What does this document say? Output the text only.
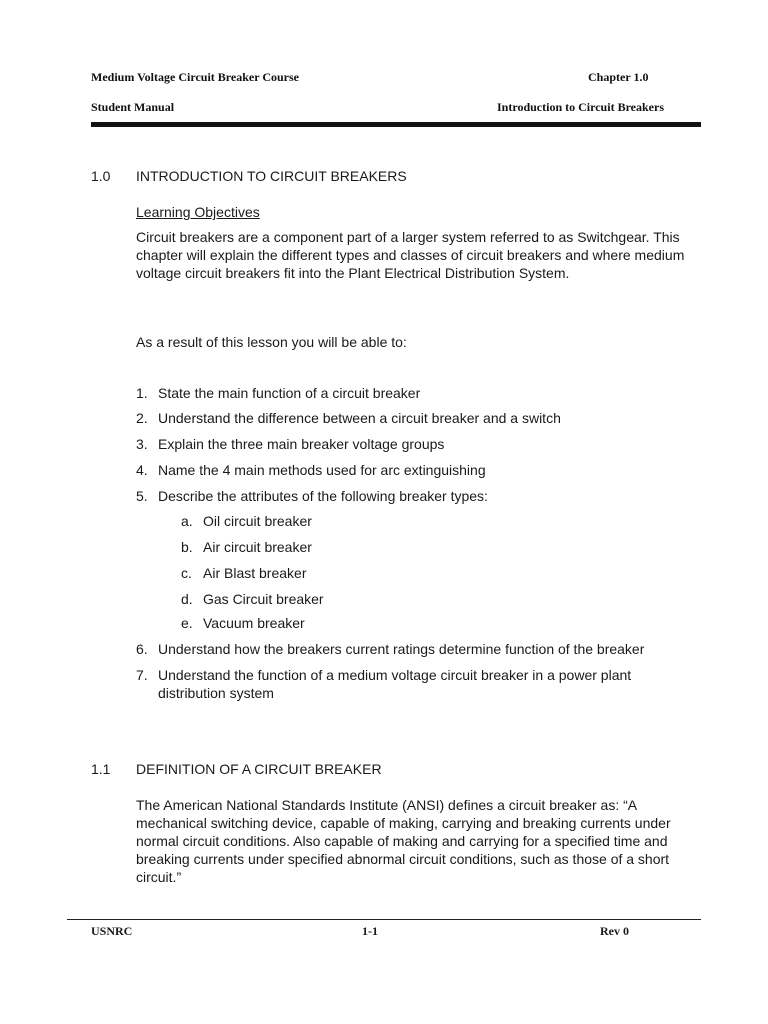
Medium Voltage Circuit Breaker Course	Chapter 1.0
Student Manual	Introduction to Circuit Breakers
1.0 INTRODUCTION TO CIRCUIT BREAKERS
Learning Objectives
Circuit breakers are a component part of a larger system referred to as Switchgear. This chapter will explain the different types and classes of circuit breakers and where medium voltage circuit breakers fit into the Plant Electrical Distribution System.
As a result of this lesson you will be able to:
1. State the main function of a circuit breaker
2. Understand the difference between a circuit breaker and a switch
3. Explain the three main breaker voltage groups
4. Name the 4 main methods used for arc extinguishing
5. Describe the attributes of the following breaker types:
a. Oil circuit breaker
b. Air circuit breaker
c. Air Blast breaker
d. Gas Circuit breaker
e. Vacuum breaker
6. Understand how the breakers current ratings determine function of the breaker
7. Understand the function of a medium voltage circuit breaker in a power plant distribution system
1.1 DEFINITION OF A CIRCUIT BREAKER
The American National Standards Institute (ANSI) defines a circuit breaker as: “A mechanical switching device, capable of making, carrying and breaking currents under normal circuit conditions. Also capable of making and carrying for a specified time and breaking currents under specified abnormal circuit conditions, such as those of a short circuit.”
USNRC	1-1	Rev 0
